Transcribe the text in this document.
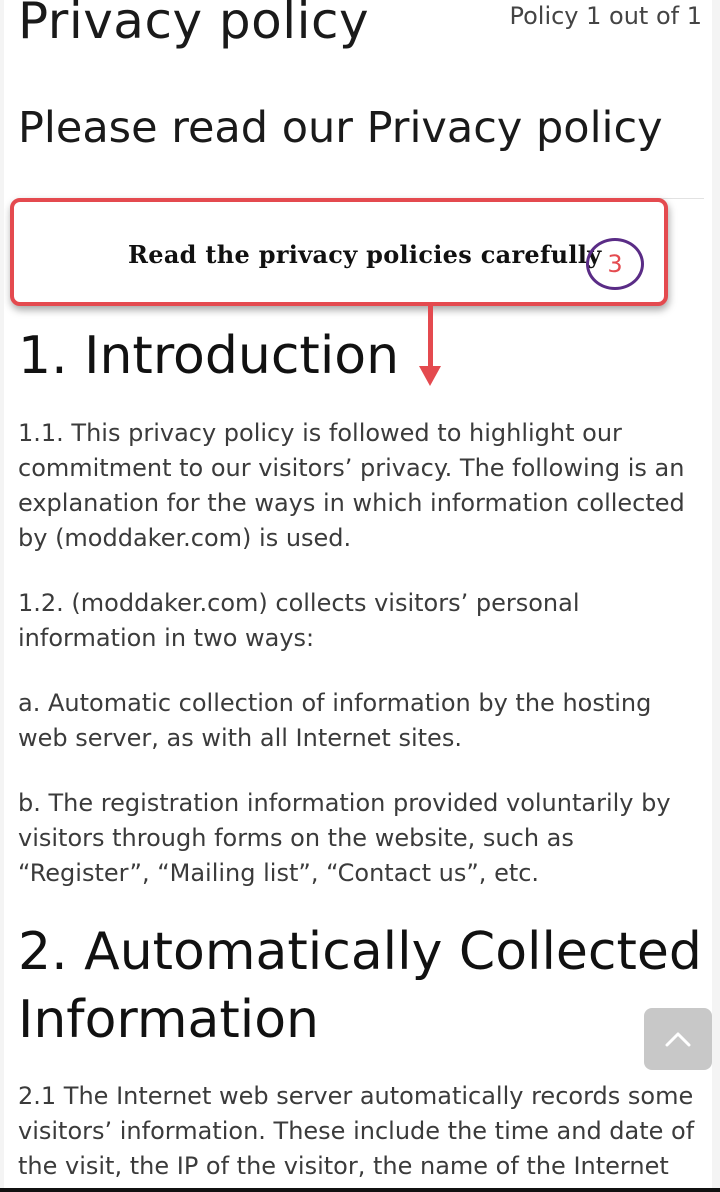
Privacy policy	Policy 1 out of 1
Please read our Privacy policy
Read the privacy policies carefully 3
1. Introduction

1.1. This privacy policy is followed to highlight our commitment to our visitors’ privacy. The following is an explanation for the ways in which information collected by (moddaker.com) is used.

1.2. (moddaker.com) collects visitors’ personal information in two ways:

a. Automatic collection of information by the hosting web server, as with all Internet sites.

b. The registration information provided voluntarily by visitors through forms on the website, such as “Register”, “Mailing list”, “Contact us”, etc.

2. Automatically Collected Information

2.1 The Internet web server automatically records some visitors’ information. These include the time and date of the visit, the IP of the visitor, the name of the Internet
